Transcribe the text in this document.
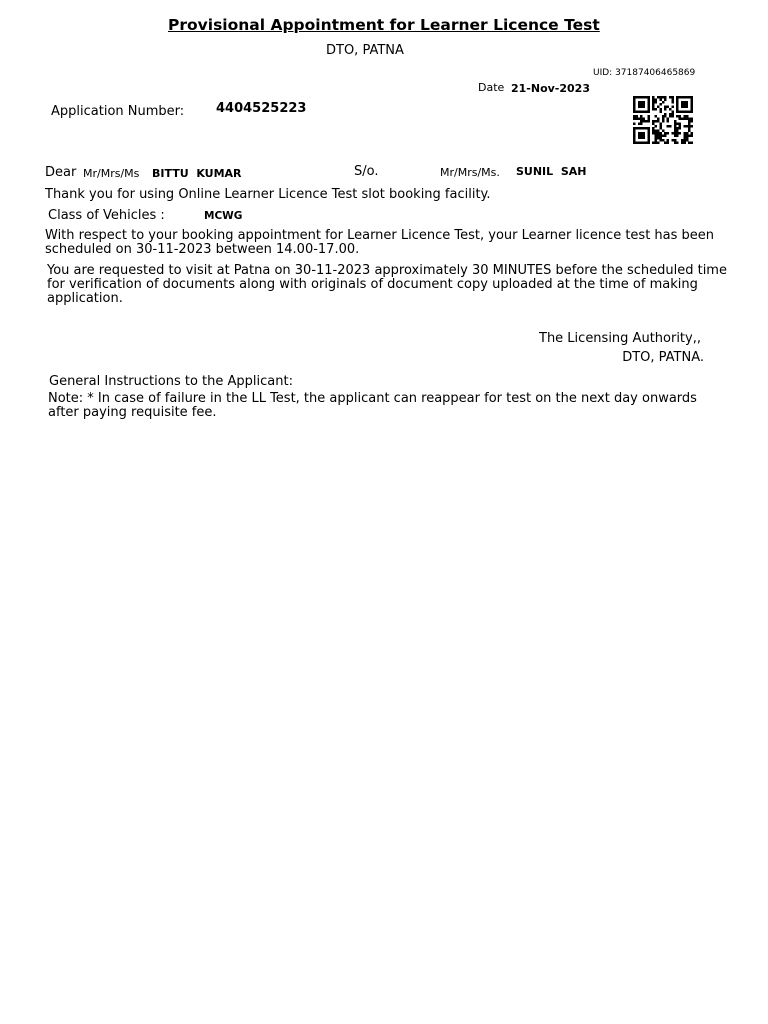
Provisional Appointment for Learner Licence Test
DTO, PATNA
UID: 37187406465869
Date 21-Nov-2023
Application Number: 4404525223
Dear Mr/Mrs/Ms BITTU  KUMAR	S/o.	Mr/Mrs/Ms. SUNIL  SAH
Thank you for using Online Learner Licence Test slot booking facility.
Class of Vehicles :	MCWG
With respect to your booking appointment for Learner Licence Test, your Learner licence test has been scheduled on 30-11-2023 between 14.00-17.00.
You are requested to visit at Patna on 30-11-2023 approximately 30 MINUTES before the scheduled time for verification of documents along with originals of document copy uploaded at the time of making application.
The Licensing Authority,,
DTO, PATNA.
General Instructions to the Applicant:
Note: * In case of failure in the LL Test, the applicant can reappear for test on the next day onwards after paying requisite fee.
